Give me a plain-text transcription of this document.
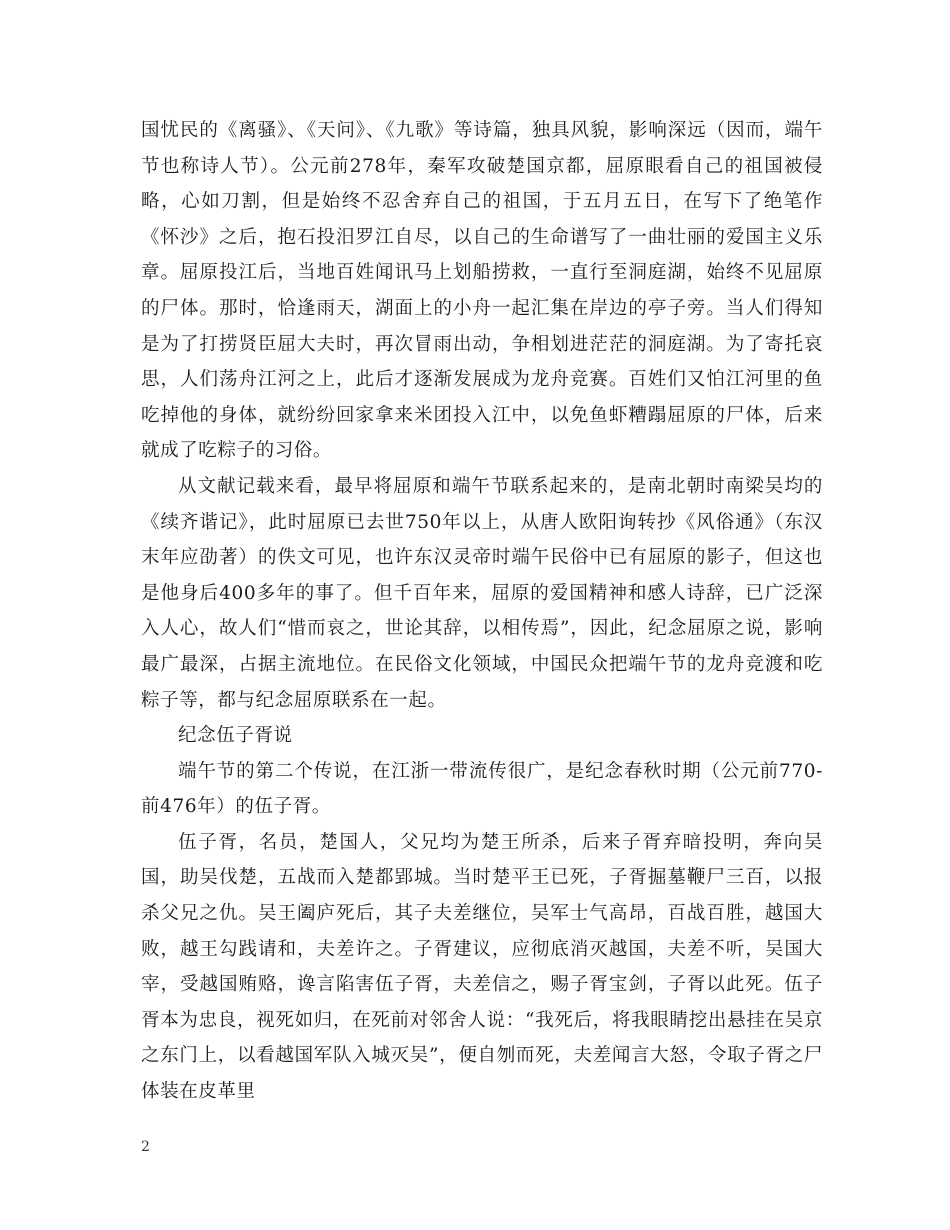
国忧民的《离骚》、《天问》、《九歌》等诗篇，独具风貌，影响深远（因而，端午节也称诗人节）。公元前278年，秦军攻破楚国京都，屈原眼看自己的祖国被侵略，心如刀割，但是始终不忍舍弃自己的祖国，于五月五日，在写下了绝笔作《怀沙》之后，抱石投汨罗江自尽，以自己的生命谱写了一曲壮丽的爱国主义乐章。屈原投江后，当地百姓闻讯马上划船捞救，一直行至洞庭湖，始终不见屈原的尸体。那时，恰逢雨天，湖面上的小舟一起汇集在岸边的亭子旁。当人们得知是为了打捞贤臣屈大夫时，再次冒雨出动，争相划进茫茫的洞庭湖。为了寄托哀思，人们荡舟江河之上，此后才逐渐发展成为龙舟竞赛。百姓们又怕江河里的鱼吃掉他的身体，就纷纷回家拿来米团投入江中，以免鱼虾糟蹋屈原的尸体，后来就成了吃粽子的习俗。

从文献记载来看，最早将屈原和端午节联系起来的，是南北朝时南梁吴均的《续齐谐记》，此时屈原已去世750年以上，从唐人欧阳询转抄《风俗通》（东汉末年应劭著）的佚文可见，也许东汉灵帝时端午民俗中已有屈原的影子，但这也是他身后400多年的事了。但千百年来，屈原的爱国精神和感人诗辞，已广泛深入人心，故人们“惜而哀之，世论其辞，以相传焉”，因此，纪念屈原之说，影响最广最深，占据主流地位。在民俗文化领域，中国民众把端午节的龙舟竞渡和吃粽子等，都与纪念屈原联系在一起。

纪念伍子胥说

端午节的第二个传说，在江浙一带流传很广，是纪念春秋时期（公元前770-前476年）的伍子胥。

伍子胥，名员，楚国人，父兄均为楚王所杀，后来子胥弃暗投明，奔向吴国，助吴伐楚，五战而入楚都郢城。当时楚平王已死，子胥掘墓鞭尸三百，以报杀父兄之仇。吴王阖庐死后，其子夫差继位，吴军士气高昂，百战百胜，越国大败，越王勾践请和，夫差许之。子胥建议，应彻底消灭越国，夫差不听，吴国大宰，受越国贿赂，谗言陷害伍子胥，夫差信之，赐子胥宝剑，子胥以此死。伍子胥本为忠良，视死如归，在死前对邻舍人说：“我死后，将我眼睛挖出悬挂在吴京之东门上，以看越国军队入城灭吴”，便自刎而死，夫差闻言大怒，令取子胥之尸体装在皮革里

2
